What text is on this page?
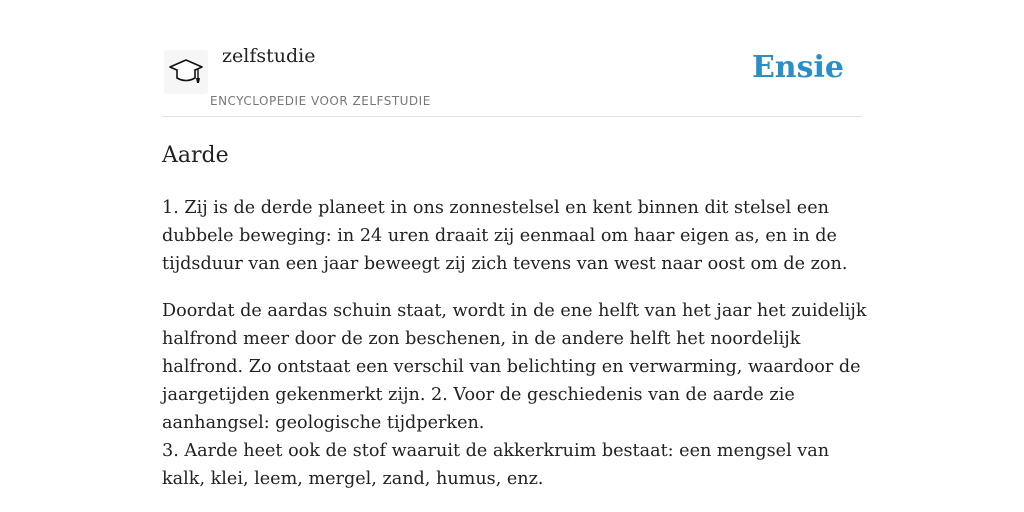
zelfstudie
ENCYCLOPEDIE VOOR ZELFSTUDIE
Ensie
Aarde

1. Zij is de derde planeet in ons zonnestelsel en kent binnen dit stelsel een dubbele beweging: in 24 uren draait zij eenmaal om haar eigen as, en in de tijdsduur van een jaar beweegt zij zich tevens van west naar oost om de zon.

Doordat de aardas schuin staat, wordt in de ene helft van het jaar het zuidelijk halfrond meer door de zon beschenen, in de andere helft het noordelijk halfrond. Zo ontstaat een verschil van belichting en verwarming, waardoor de jaargetijden gekenmerkt zijn. 2. Voor de geschiedenis van de aarde zie aanhangsel: geologische tijdperken.
3. Aarde heet ook de stof waaruit de akkerkruim bestaat: een mengsel van kalk, klei, leem, mergel, zand, humus, enz.
